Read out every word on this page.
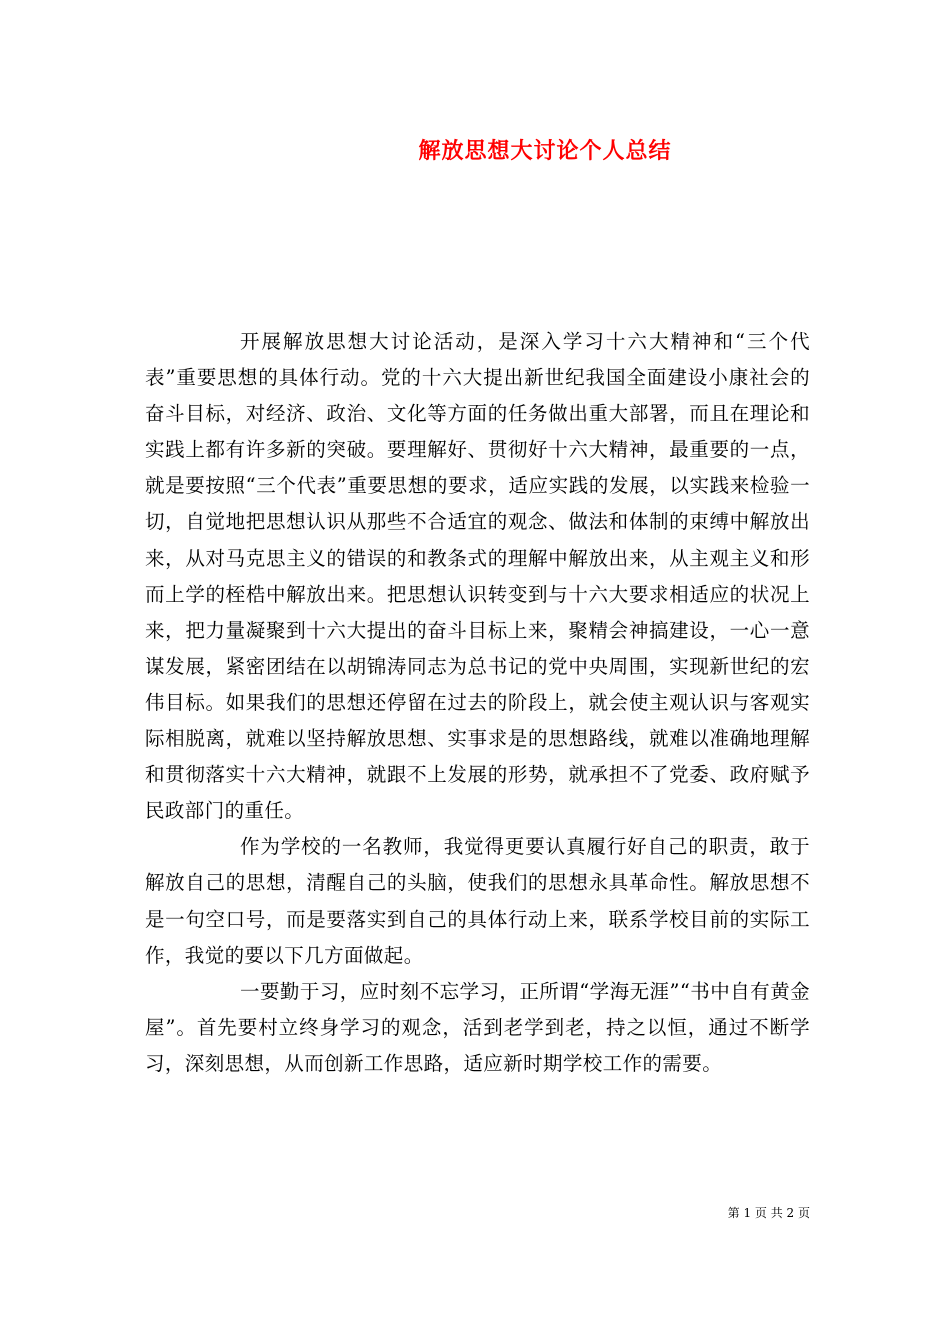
解放思想大讨论个人总结

开展解放思想大讨论活动，是深入学习十六大精神和“三个代表”重要思想的具体行动。党的十六大提出新世纪我国全面建设小康社会的奋斗目标，对经济、政治、文化等方面的任务做出重大部署，而且在理论和实践上都有许多新的突破。要理解好、贯彻好十六大精神，最重要的一点，就是要按照“三个代表”重要思想的要求，适应实践的发展，以实践来检验一切，自觉地把思想认识从那些不合适宜的观念、做法和体制的束缚中解放出来，从对马克思主义的错误的和教条式的理解中解放出来，从主观主义和形而上学的桎梏中解放出来。把思想认识转变到与十六大要求相适应的状况上来，把力量凝聚到十六大提出的奋斗目标上来，聚精会神搞建设，一心一意谋发展，紧密团结在以胡锦涛同志为总书记的党中央周围，实现新世纪的宏伟目标。如果我们的思想还停留在过去的阶段上，就会使主观认识与客观实际相脱离，就难以坚持解放思想、实事求是的思想路线，就难以准确地理解和贯彻落实十六大精神，就跟不上发展的形势，就承担不了党委、政府赋予民政部门的重任。

作为学校的一名教师，我觉得更要认真履行好自己的职责，敢于解放自己的思想，清醒自己的头脑，使我们的思想永具革命性。解放思想不是一句空口号，而是要落实到自己的具体行动上来，联系学校目前的实际工作，我觉的要以下几方面做起。

一要勤于习，应时刻不忘学习，正所谓“学海无涯”“书中自有黄金屋”。首先要村立终身学习的观念，活到老学到老，持之以恒，通过不断学习，深刻思想，从而创新工作思路，适应新时期学校工作的需要。

第 1 页 共 2 页
